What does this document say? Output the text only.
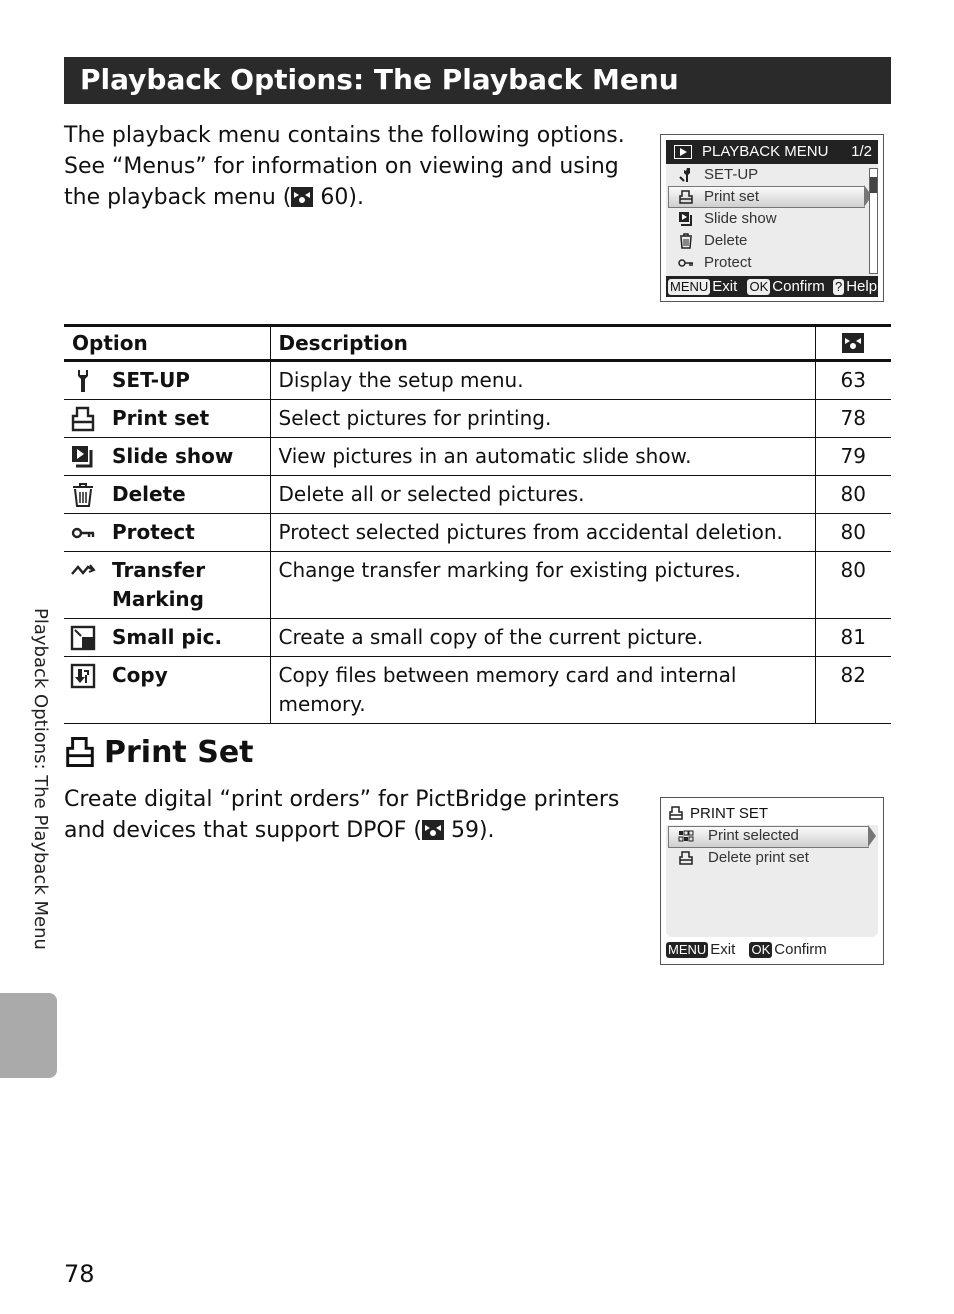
Playback Options: The Playback Menu
The playback menu contains the following options.
See “Menus” for information on viewing and using
the playback menu ( 60).
PLAYBACK MENU 1/2
SET-UP
Print set
Slide show
Delete
Protect
MENU Exit OK Confirm ? Help
Option	Description	

SET-UP	Display the setup menu.	63

Print set	Select pictures for printing.	78

Slide show	View pictures in an automatic slide show.	79

Delete	Delete all or selected pictures.	80

Protect	Protect selected pictures from accidental deletion.	80

Transfer
Marking	Change transfer marking for existing pictures.	80

Small pic.	Create a small copy of the current picture.	81

Copy	Copy files between memory card and internal memory.	82
Print Set
Create digital “print orders” for PictBridge printers
and devices that support DPOF ( 59).
PRINT SET
Print selected
Delete print set
MENU Exit OK Confirm
Playback Options: The Playback Menu
78
